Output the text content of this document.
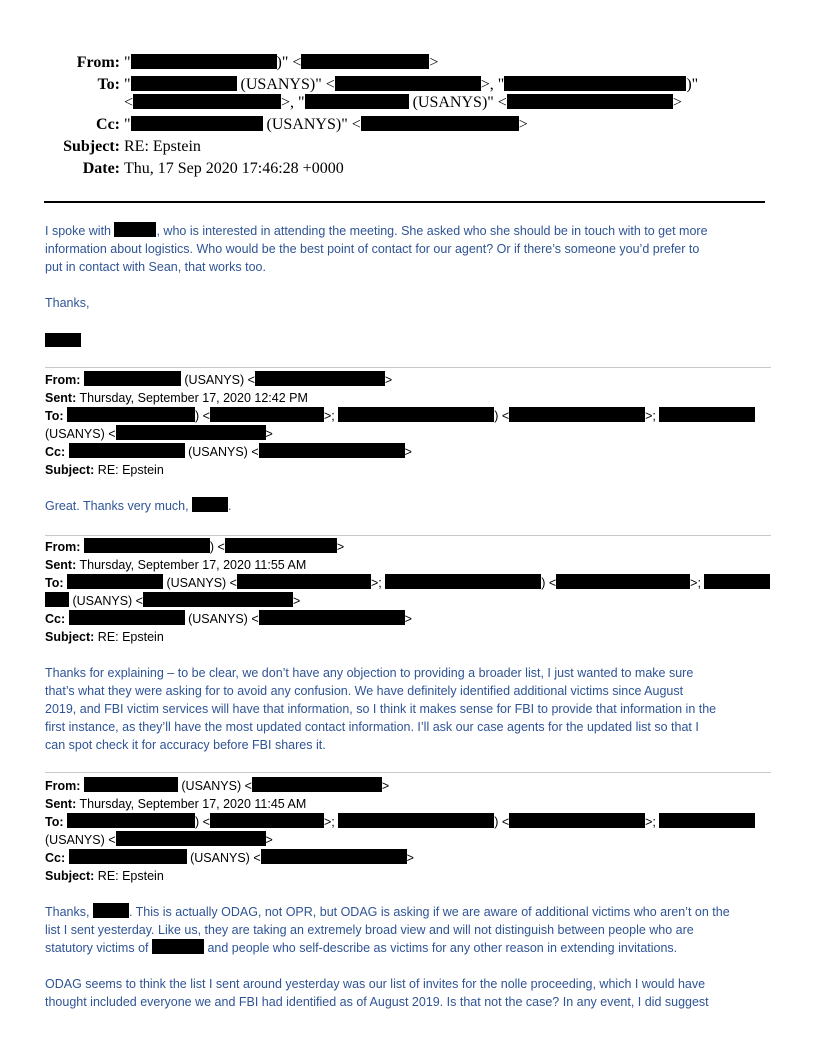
From: "	)" <	>
To: "	(USANYS)" <	>, "	)"
<	>, "	(USANYS)" <	>
Cc: "	(USANYS)" <	>
Subject: RE: Epstein
Date: Thu, 17 Sep 2020 17:46:28 +0000
I spoke with	, who is interested in attending the meeting. She asked who she should be in touch with to get more
information about logistics. Who would be the best point of contact for our agent? Or if there’s someone you’d prefer to
put in contact with Sean, that works too.
Thanks,
From:	(USANYS) <	>
Sent: Thursday, September 17, 2020 12:42 PM
To:	) <	>;	) <	>;
(USANYS) <	>
Cc:	(USANYS) <	>
Subject: RE: Epstein
Great. Thanks very much,	.
From:	) <	>
Sent: Thursday, September 17, 2020 11:55 AM
To:	(USANYS) <	>;	) <	>;
(USANYS) <	>
Cc:	(USANYS) <	>
Subject: RE: Epstein
Thanks for explaining – to be clear, we don’t have any objection to providing a broader list, I just wanted to make sure
that’s what they were asking for to avoid any confusion. We have definitely identified additional victims since August
2019, and FBI victim services will have that information, so I think it makes sense for FBI to provide that information in the
first instance, as they’ll have the most updated contact information. I’ll ask our case agents for the updated list so that I
can spot check it for accuracy before FBI shares it.
From:	(USANYS) <	>
Sent: Thursday, September 17, 2020 11:45 AM
To:	) <	>;	) <	>;
(USANYS) <	>
Cc:	(USANYS) <	>
Subject: RE: Epstein
Thanks,	. This is actually ODAG, not OPR, but ODAG is asking if we are aware of additional victims who aren’t on the
list I sent yesterday. Like us, they are taking an extremely broad view and will not distinguish between people who are
statutory victims of	and people who self-describe as victims for any other reason in extending invitations.
ODAG seems to think the list I sent around yesterday was our list of invites for the nolle proceeding, which I would have
thought included everyone we and FBI had identified as of August 2019. Is that not the case? In any event, I did suggest
